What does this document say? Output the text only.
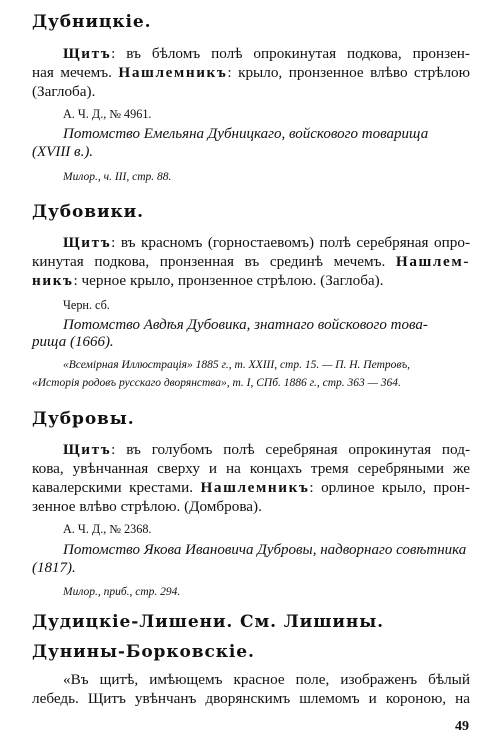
Дубницкіе.

Щитъ: въ бѣломъ полѣ опрокинутая подкова, пронзен-

ная мечемъ. Нашлемникъ: крыло, пронзенное влѣво стрѣлою

(Заглоба).

А. Ч. Д., № 4961.

Потомство Емельяна Дубницкаго, войскового товарища

(XVIII в.).

Милор., ч. III, стр. 88.

Дубовики.

Щитъ: въ красномъ (горностаевомъ) полѣ серебряная опро-

кинутая подкова, пронзенная въ срединѣ мечемъ. Нашлем-

никъ: черное крыло, пронзенное стрѣлою. (Заглоба).

Черн. сб.

Потомство Авдѣя Дубовика, знатнаго войскового това-

рища (1666).

«Всемірная Иллюстрація» 1885 г., т. XXIII, стр. 15. — П. Н. Петровъ,

«Исторія родовъ русскаго дворянства», т. I, СПб. 1886 г., стр. 363 — 364.

Дубровы.

Щитъ: въ голубомъ полѣ серебряная опрокинутая под-

кова, увѣнчанная сверху и на концахъ тремя серебряными же

кавалерскими крестами. Нашлемникъ: орлиное крыло, прон-

зенное влѣво стрѣлою. (Домброва).

А. Ч. Д., № 2368.

Потомство Якова Ивановича Дубровы, надворнаго совѣтника

(1817).

Милор., приб., стр. 294.

Дудицкіе-Лишени. См. Лишины.
Дунины-Борковскіе.

«Въ щитѣ, имѣющемъ красное поле, изображенъ бѣлый

лебедь. Щитъ увѣнчанъ дворянскимъ шлемомъ и короною, на

49
